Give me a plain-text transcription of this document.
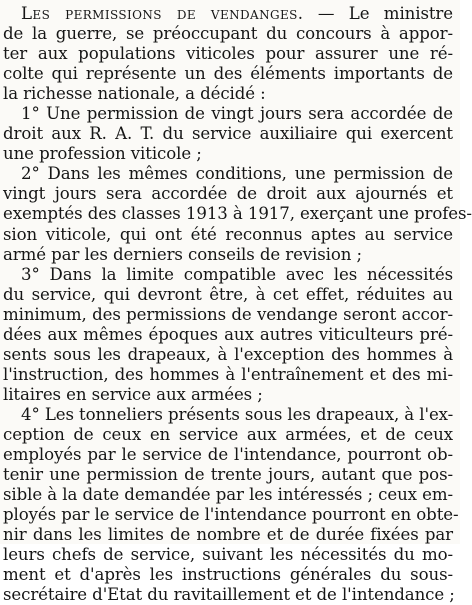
Les permissions de vendanges. — Le ministre
de la guerre, se préoccupant du concours à appor-
ter aux populations viticoles pour assurer une ré-
colte qui représente un des éléments importants de
la richesse nationale, a décidé :

1° Une permission de vingt jours sera accordée de
droit aux R. A. T. du service auxiliaire qui exercent
une profession viticole ;

2° Dans les mêmes conditions, une permission de
vingt jours sera accordée de droit aux ajournés et
exemptés des classes 1913 à 1917, exerçant une profes-
sion viticole, qui ont été reconnus aptes au service
armé par les derniers conseils de revision ;

3° Dans la limite compatible avec les nécessités
du service, qui devront être, à cet effet, réduites au
minimum, des permissions de vendange seront accor-
dées aux mêmes époques aux autres viticulteurs pré-
sents sous les drapeaux, à l'exception des hommes à
l'instruction, des hommes à l'entraînement et des mi-
litaires en service aux armées ;

4° Les tonneliers présents sous les drapeaux, à l'ex-
ception de ceux en service aux armées, et de ceux
employés par le service de l'intendance, pourront ob-
tenir une permission de trente jours, autant que pos-
sible à la date demandée par les intéressés ; ceux em-
ployés par le service de l'intendance pourront en obte-
nir dans les limites de nombre et de durée fixées par
leurs chefs de service, suivant les nécessités du mo-
ment et d'après les instructions générales du sous-
secrétaire d'Etat du ravitaillement et de l'intendance ;
